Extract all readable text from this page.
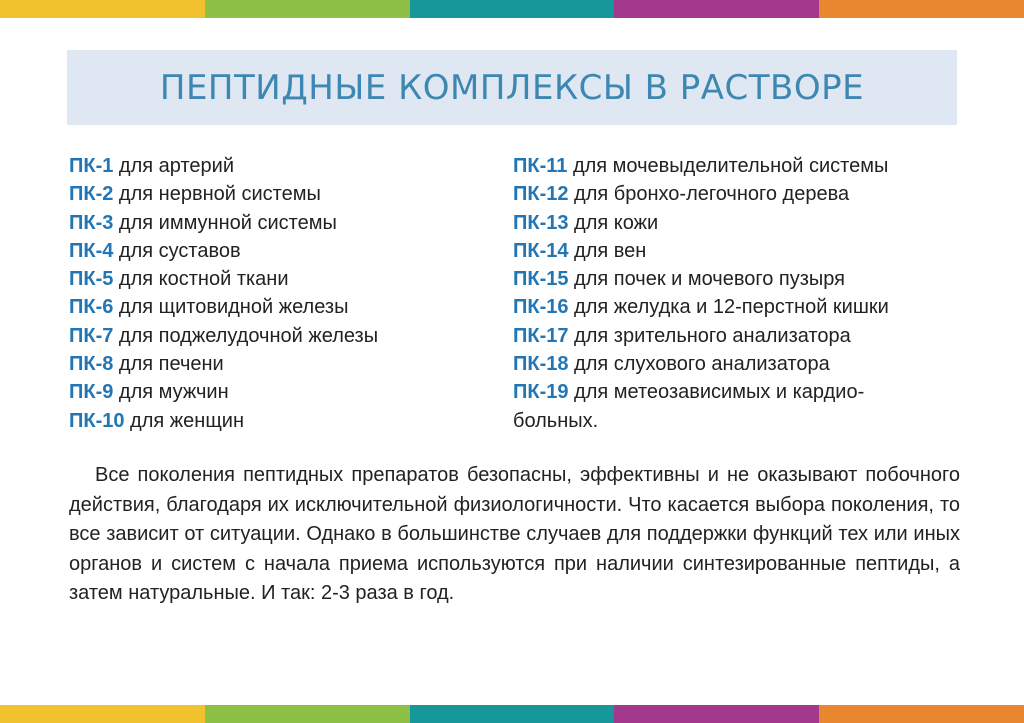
ПЕПТИДНЫЕ КОМПЛЕКСЫ В РАСТВОРЕ
ПК-1 для артерий
ПК-2 для нервной системы
ПК-3 для иммунной системы
ПК-4 для суставов
ПК-5 для костной ткани
ПК-6 для щитовидной железы
ПК-7 для поджелудочной железы
ПК-8 для печени
ПК-9 для мужчин
ПК-10 для женщин
ПК-11 для мочевыделительной системы
ПК-12 для бронхо-легочного дерева
ПК-13 для кожи
ПК-14 для вен
ПК-15 для почек и мочевого пузыря
ПК-16 для желудка и 12-перстной кишки
ПК-17 для зрительного анализатора
ПК-18 для слухового анализатора
ПК-19 для метеозависимых и кардио-
больных.

Все поколения пептидных препаратов безопасны, эффективны и не оказывают побочного действия, благодаря их исключительной физиологичности. Что касается выбора поколения, то все зависит от ситуации. Однако в большинстве случаев для поддержки функций тех или иных органов и систем с начала приема используются при наличии синтезированные пептиды, а затем натуральные. И так: 2-3 раза в год.
